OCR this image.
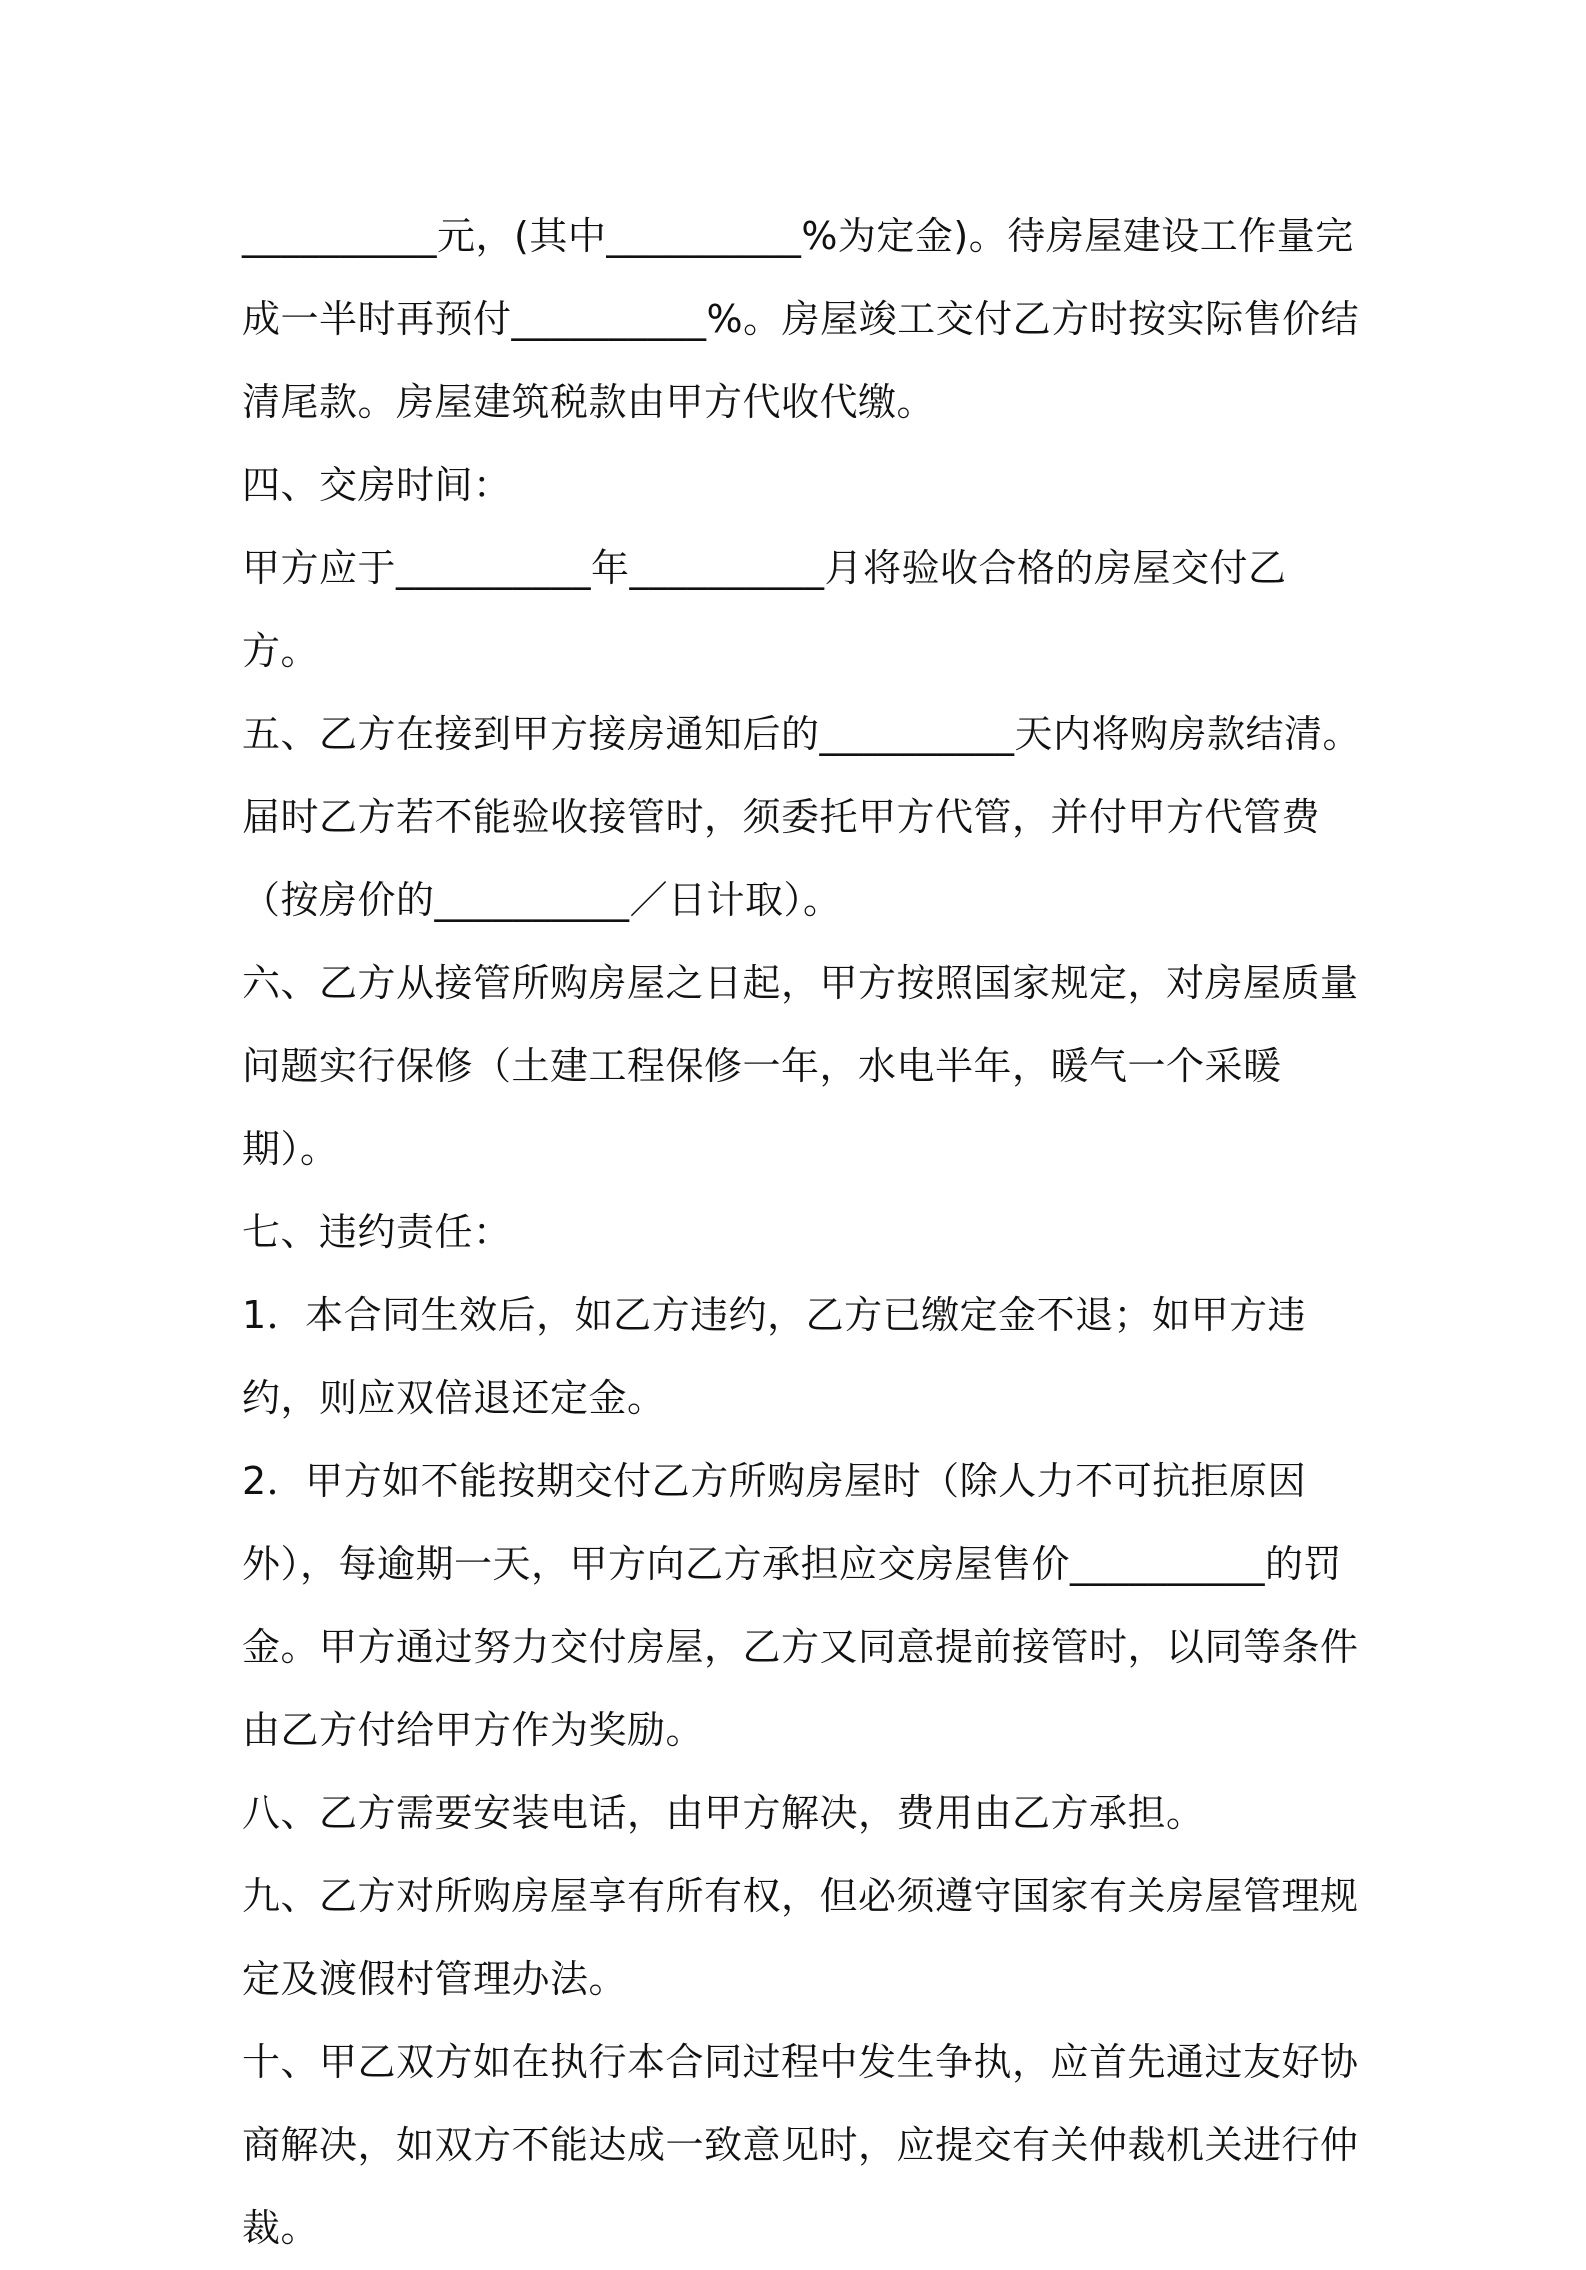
__________元，(其中__________%为定金)。待房屋建设工作量完成一半时再预付__________%。房屋竣工交付乙方时按实际售价结清尾款。房屋建筑税款由甲方代收代缴。

四、交房时间：

甲方应于__________年__________月将验收合格的房屋交付乙方。

五、乙方在接到甲方接房通知后的__________天内将购房款结清。届时乙方若不能验收接管时，须委托甲方代管，并付甲方代管费（按房价的__________／日计取）。

六、乙方从接管所购房屋之日起，甲方按照国家规定，对房屋质量问题实行保修（土建工程保修一年，水电半年，暖气一个采暖期）。

七、违约责任：

1．本合同生效后，如乙方违约，乙方已缴定金不退；如甲方违约，则应双倍退还定金。

2．甲方如不能按期交付乙方所购房屋时（除人力不可抗拒原因外），每逾期一天，甲方向乙方承担应交房屋售价__________的罚金。甲方通过努力交付房屋，乙方又同意提前接管时，以同等条件由乙方付给甲方作为奖励。

八、乙方需要安装电话，由甲方解决，费用由乙方承担。

九、乙方对所购房屋享有所有权，但必须遵守国家有关房屋管理规定及渡假村管理办法。

十、甲乙双方如在执行本合同过程中发生争执，应首先通过友好协商解决，如双方不能达成一致意见时，应提交有关仲裁机关进行仲裁。
